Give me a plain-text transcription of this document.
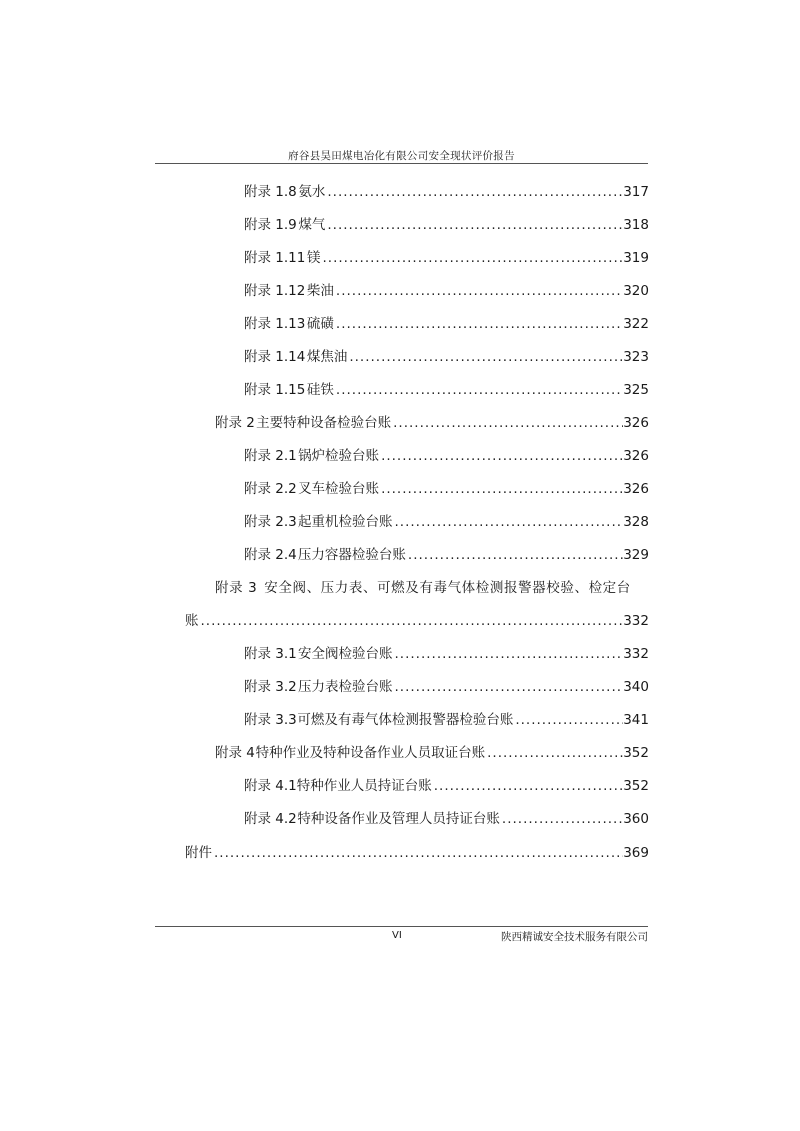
府谷县昊田煤电冶化有限公司安全现状评价报告
附录 1.8 氨水 .....	317
附录 1.9 煤气 .....	318
附录 1.11 镁 .....	319
附录 1.12 柴油 .....	320
附录 1.13 硫磺 .....	322
附录 1.14 煤焦油 .....	323
附录 1.15 硅铁 .....	325
附录 2 主要特种设备检验台账 .....	326
附录 2.1 锅炉检验台账 .....	326
附录 2.2 叉车检验台账 .....	326
附录 2.3 起重机检验台账 .....	328
附录 2.4 压力容器检验台账 .....	329
附录 3 安全阀、压力表、可燃及有毒气体检测报警器校验、检定台
账 .....	332
附录 3.1 安全阀检验台账 .....	332
附录 3.2 压力表检验台账 .....	340
附录 3.3 可燃及有毒气体检测报警器检验台账 .....	341
附录 4 特种作业及特种设备作业人员取证台账 .....	352
附录 4.1 特种作业人员持证台账 .....	352
附录 4.2 特种设备作业及管理人员持证台账 .....	360
附件 .....	369
VI	陕西精诚安全技术服务有限公司
